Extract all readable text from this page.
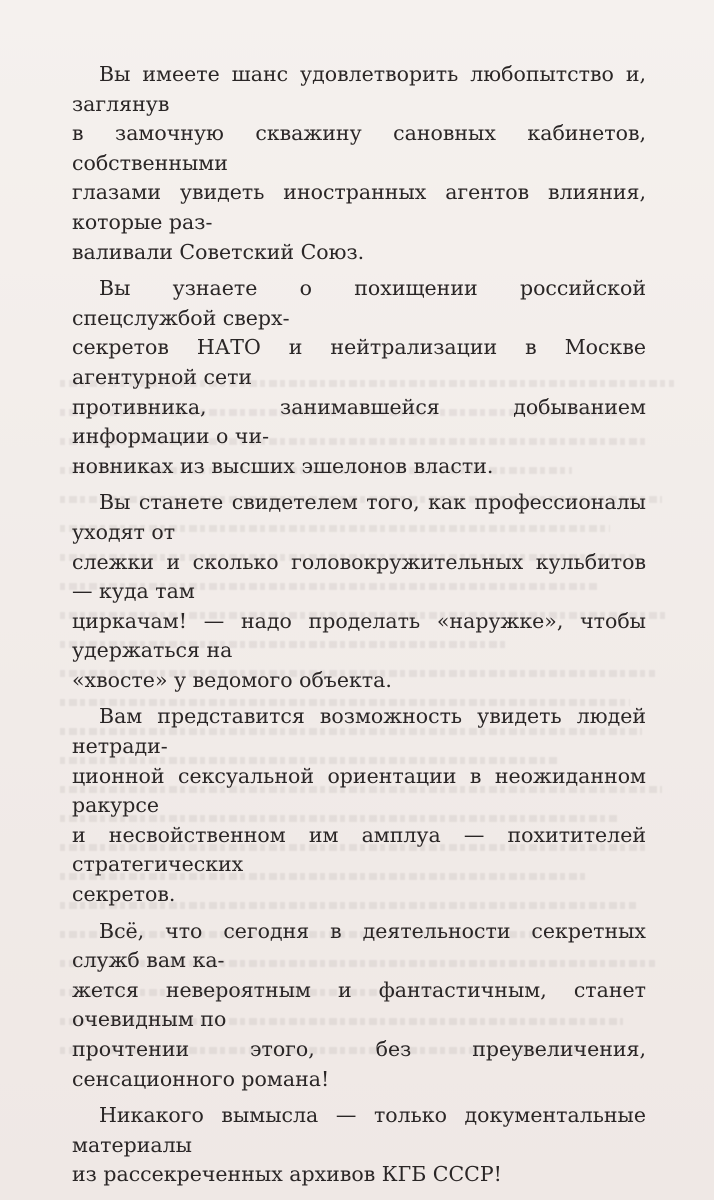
Вы имеете шанс удовлетворить любопытство и, заглянув
в замочную скважину сановных кабинетов, собственными
глазами увидеть иностранных агентов влияния, которые раз-
валивали Советский Союз.

Вы узнаете о похищении российской спецслужбой сверх-
секретов НАТО и нейтрализации в Москве агентурной сети
противника, занимавшейся добыванием информации о чи-
новниках из высших эшелонов власти.

Вы станете свидетелем того, как профессионалы уходят от
слежки и сколько головокружительных кульбитов — куда там
циркачам! — надо проделать «наружке», чтобы удержаться на
«хвосте» у ведомого объекта.

Вам представится возможность увидеть людей нетради-
ционной сексуальной ориентации в неожиданном ракурсе
и несвойственном им амплуа — похитителей стратегических
секретов.

Всё, что сегодня в деятельности секретных служб вам ка-
жется невероятным и фантастичным, станет очевидным по
прочтении этого, без преувеличения, сенсационного романа!

Никакого вымысла — только документальные материалы
из рассекреченных архивов КГБ СССР!
